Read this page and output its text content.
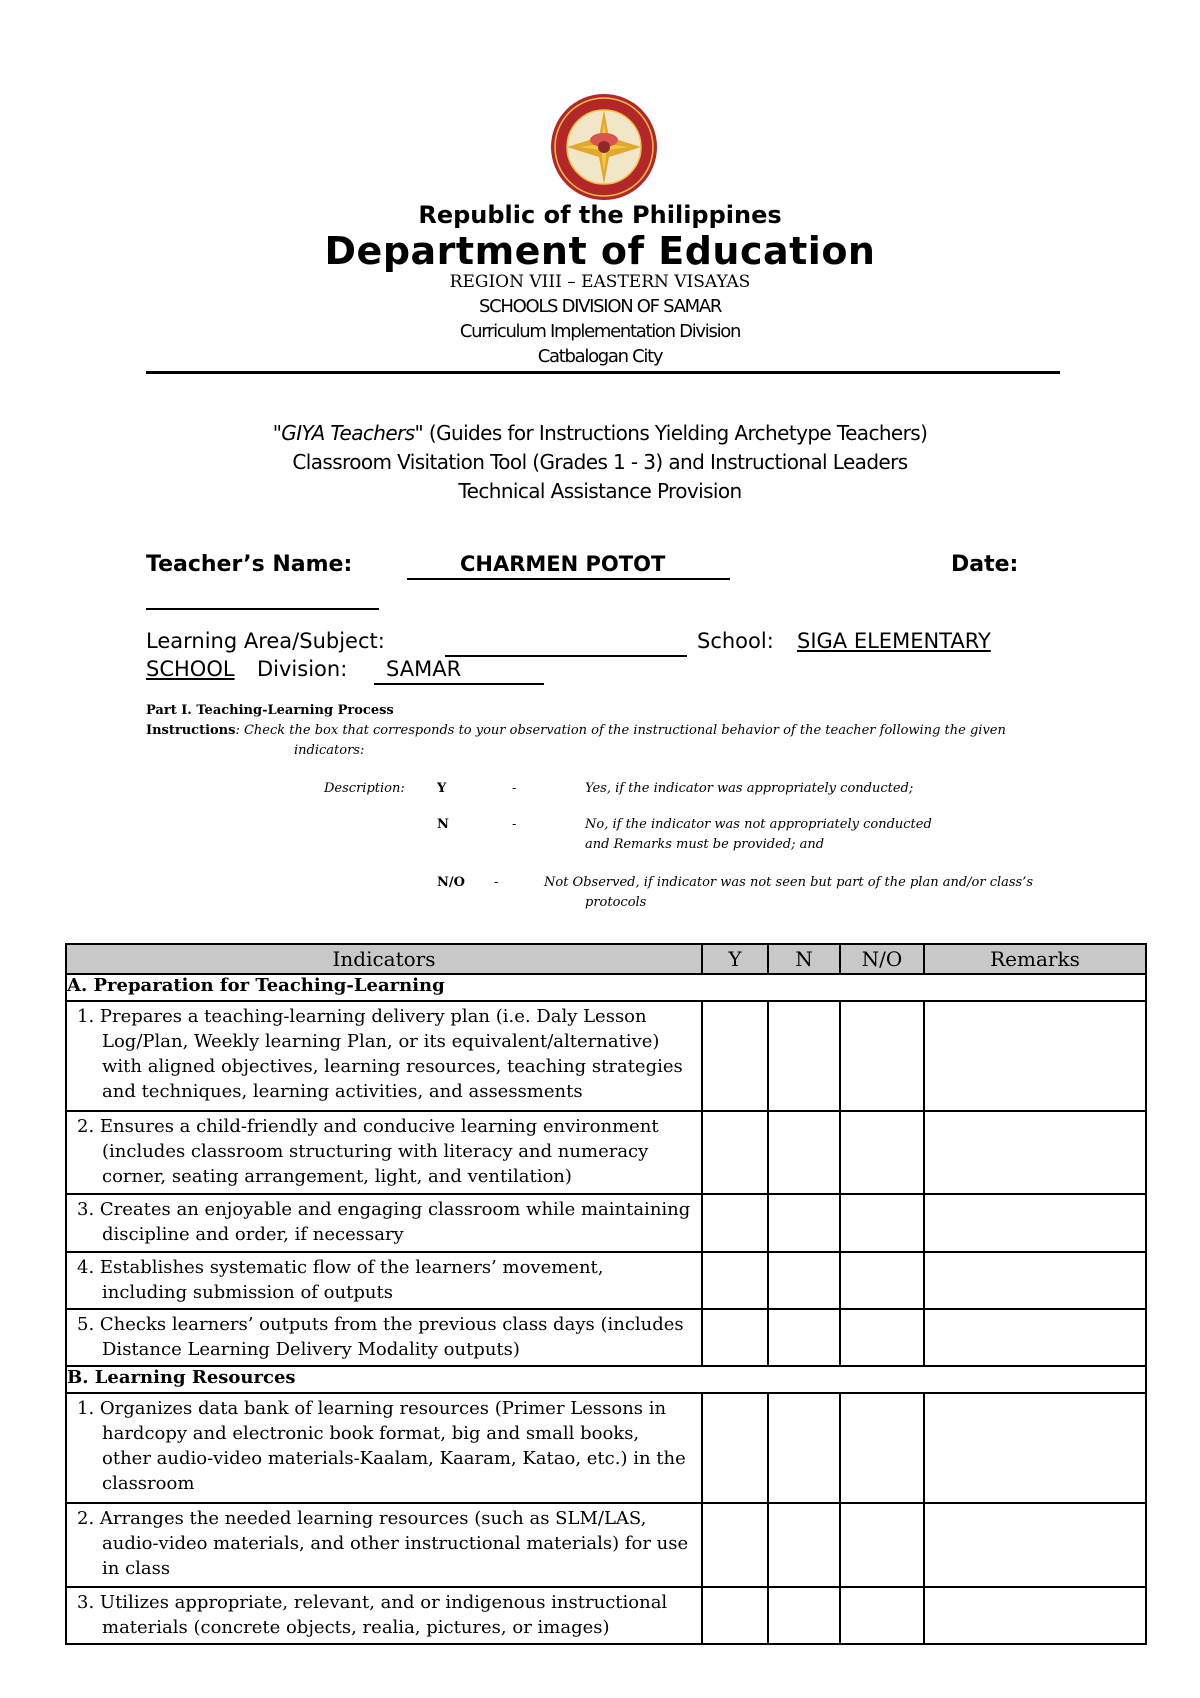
Republic of the Philippines
Department of Education
REGION VIII – EASTERN VISAYAS
SCHOOLS DIVISION OF SAMAR
Curriculum Implementation Division
Catbalogan City
"GIYA Teachers" (Guides for Instructions Yielding Archetype Teachers)
Classroom Visitation Tool (Grades 1 - 3) and Instructional Leaders
Technical Assistance Provision
Teacher’s Name:	CHARMEN POTOT	Date:
Learning Area/Subject:	School: SIGA ELEMENTARY
SCHOOL Division: SAMAR
Part I. Teaching-Learning Process
Instructions: Check the box that corresponds to your observation of the instructional behavior of the teacher following the given
indicators:
Description: Y	-	Yes, if the indicator was appropriately conducted;
N	-	No, if the indicator was not appropriately conducted
and Remarks must be provided; and
N/O -	Not Observed, if indicator was not seen but part of the plan and/or class’s
protocols
Indicators	Y	N	N/O	Remarks
A. Preparation for Teaching-Learning				

1. Prepares a teaching-learning delivery plan (i.e. Daly Lesson Log/Plan, Weekly learning Plan, or its equivalent/alternative) with aligned objectives, learning resources, teaching strategies and techniques, learning activities, and assessments				

2. Ensures a child-friendly and conducive learning environment (includes classroom structuring with literacy and numeracy corner, seating arrangement, light, and ventilation)				

3. Creates an enjoyable and engaging classroom while maintaining discipline and order, if necessary				

4. Establishes systematic flow of the learners’ movement, including submission of outputs				

5. Checks learners’ outputs from the previous class days (includes Distance Learning Delivery Modality outputs)				

B. Learning Resources				

1. Organizes data bank of learning resources (Primer Lessons in hardcopy and electronic book format, big and small books, other audio-video materials-Kaalam, Kaaram, Katao, etc.) in the classroom				

2. Arranges the needed learning resources (such as SLM/LAS, audio-video materials, and other instructional materials) for use in class				

3. Utilizes appropriate, relevant, and or indigenous instructional materials (concrete objects, realia, pictures, or images)				
